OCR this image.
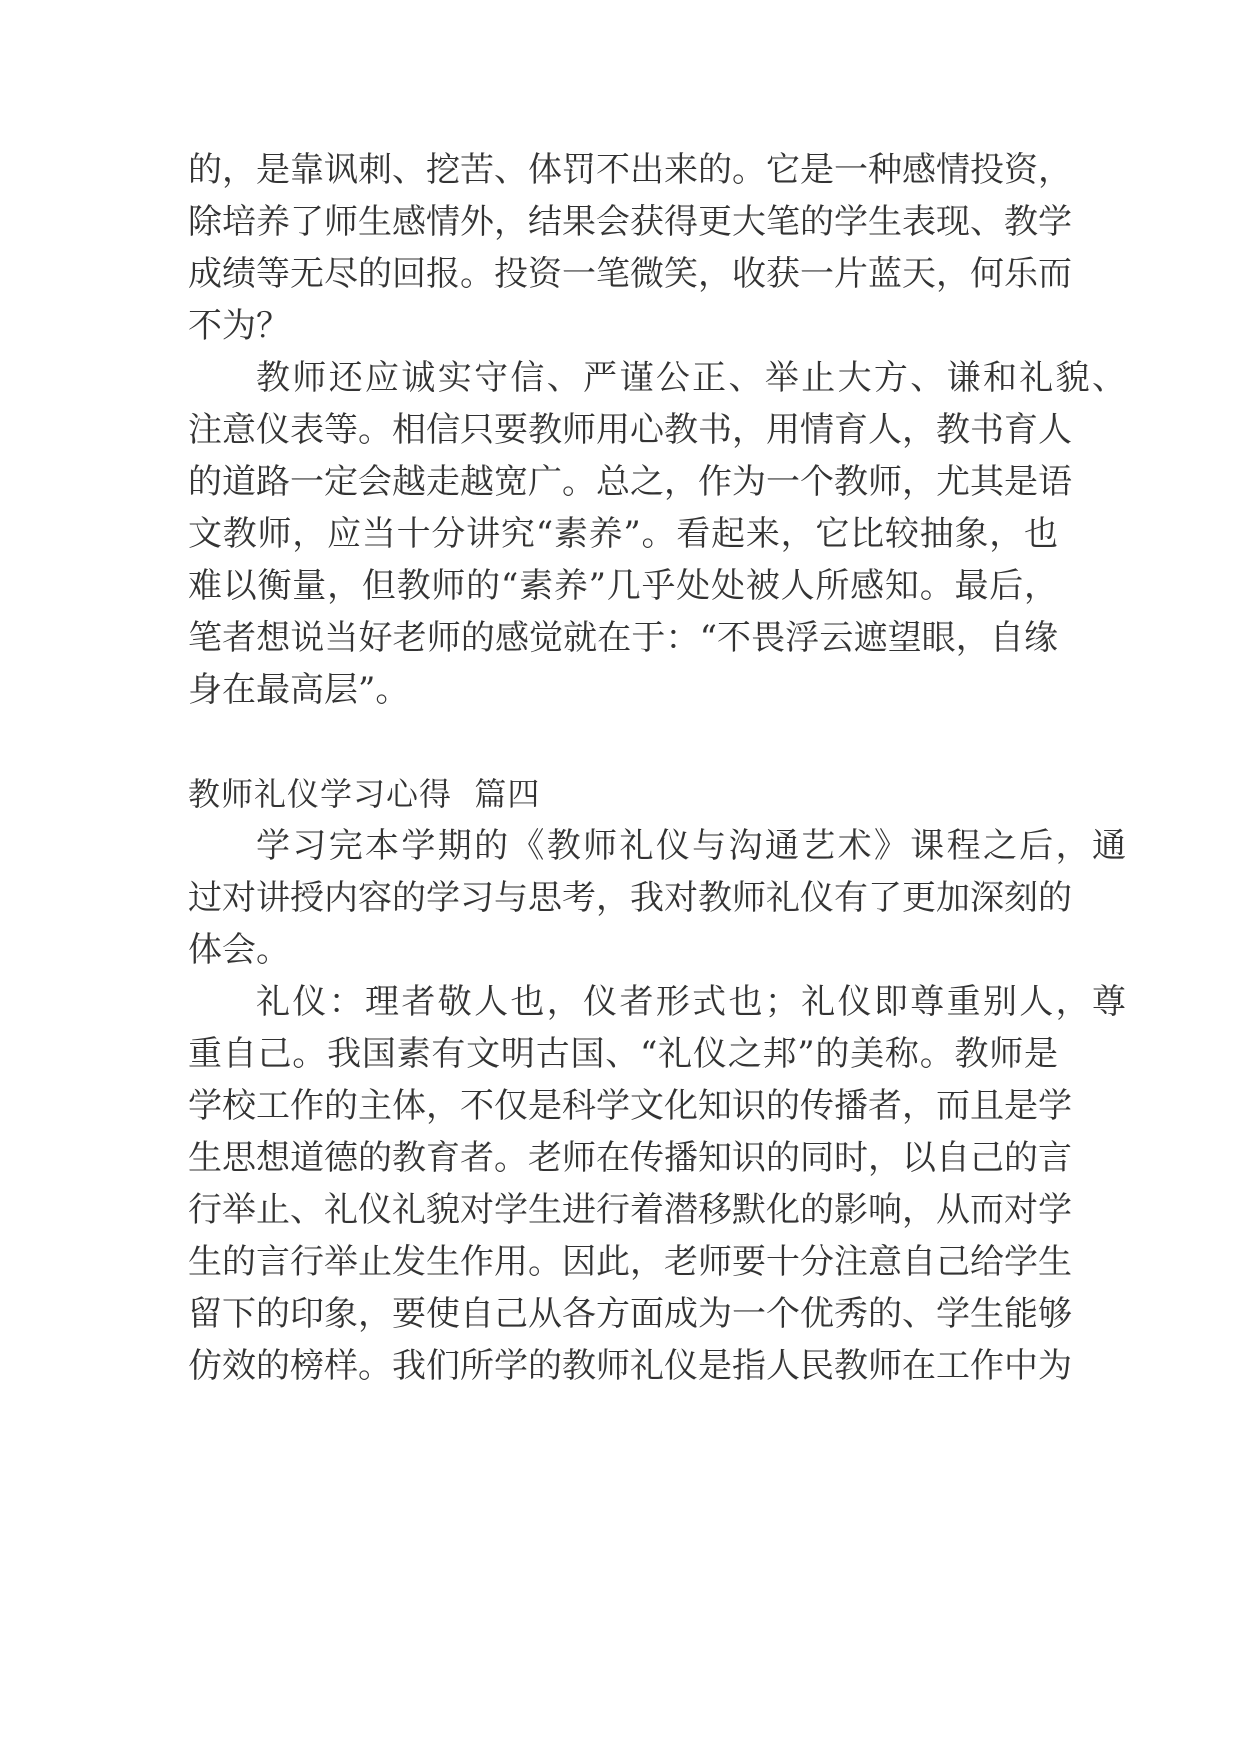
的，是靠讽刺、挖苦、体罚不出来的。它是一种感情投资，
除培养了师生感情外，结果会获得更大笔的学生表现、教学
成绩等无尽的回报。投资一笔微笑，收获一片蓝天，何乐而
不为？
教师还应诚实守信、严谨公正、举止大方、谦和礼貌、
注意仪表等。相信只要教师用心教书，用情育人，教书育人
的道路一定会越走越宽广。总之，作为一个教师，尤其是语
文教师，应当十分讲究“素养”。看起来，它比较抽象，也
难以衡量，但教师的“素养”几乎处处被人所感知。最后，
笔者想说当好老师的感觉就在于：“不畏浮云遮望眼，自缘
身在最高层”。
教师礼仪学习心得  篇四
学习完本学期的《教师礼仪与沟通艺术》课程之后，通
过对讲授内容的学习与思考，我对教师礼仪有了更加深刻的
体会。
礼仪：理者敬人也，仪者形式也；礼仪即尊重别人，尊
重自己。我国素有文明古国、“礼仪之邦”的美称。教师是
学校工作的主体，不仅是科学文化知识的传播者，而且是学
生思想道德的教育者。老师在传播知识的同时，以自己的言
行举止、礼仪礼貌对学生进行着潜移默化的影响，从而对学
生的言行举止发生作用。因此，老师要十分注意自己给学生
留下的印象，要使自己从各方面成为一个优秀的、学生能够
仿效的榜样。我们所学的教师礼仪是指人民教师在工作中为
